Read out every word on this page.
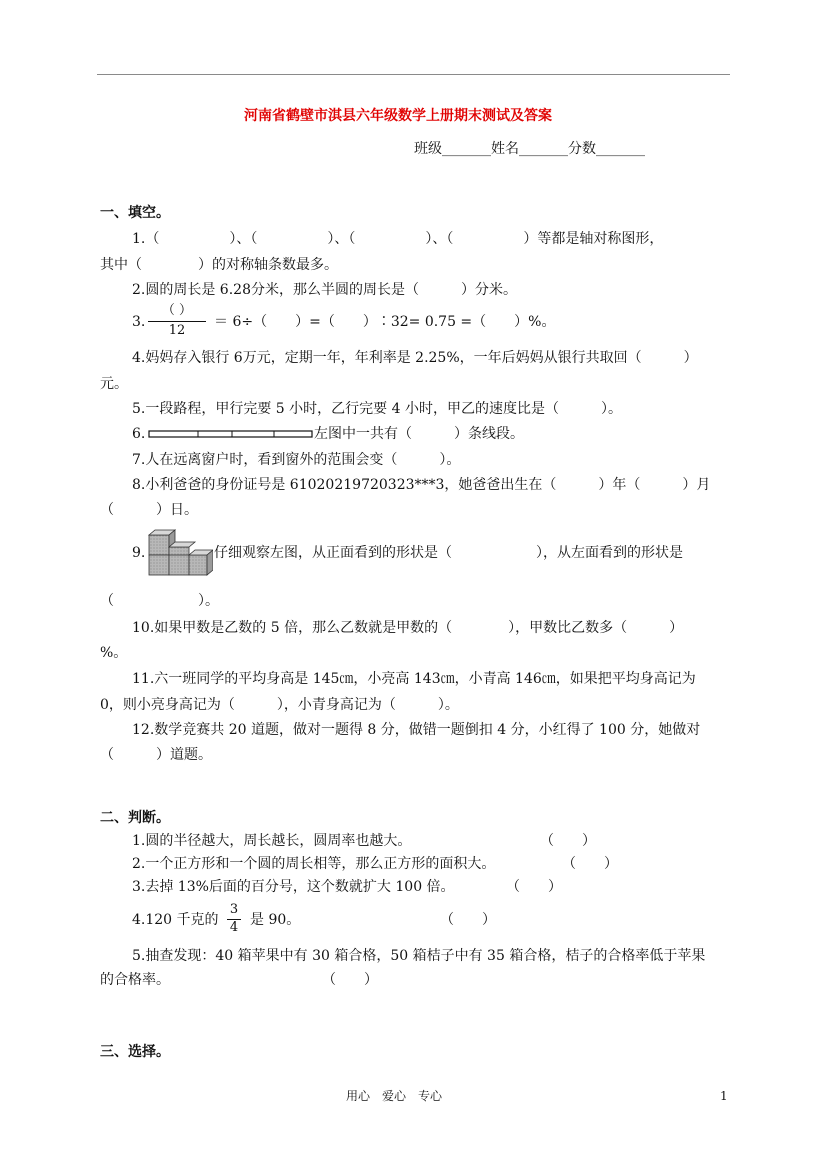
河南省鹤壁市淇县六年级数学上册期末测试及答案
班级_______姓名_______分数_______
一、填空。
1.（　　　　　）、（　　　　　）、（　　　　　）、（　　　　　）等都是轴对称图形，
其中（　　　　）的对称轴条数最多。
2.圆的周长是 6.28分米，那么半圆的周长是（　　　）分米。
3.
（ ）
12
＝ 6÷（　　）=（　　）∶32= 0.75 =（　　）%。
4.妈妈存入银行 6万元，定期一年，年利率是 2.25%，一年后妈妈从银行共取回（　　　）
元。
5.一段路程，甲行完要 5 小时，乙行完要 4 小时，甲乙的速度比是（　　　）。
6.	左图中一共有（　　　）条线段。
7.人在远离窗户时，看到窗外的范围会变（　　　）。
8.小利爸爸的身份证号是 61020219720323***3，她爸爸出生在（　　　）年（　　　）月
（　　　）日。
9.	仔细观察左图，从正面看到的形状是（　　　　　　），从左面看到的形状是
（　　　　　　）。
10.如果甲数是乙数的 5 倍，那么乙数就是甲数的（　　　　），甲数比乙数多（　　　）
%。
11.六一班同学的平均身高是 145㎝，小亮高 143㎝，小青高 146㎝，如果把平均身高记为
0，则小亮身高记为（　　　），小青身高记为（　　　）。
12.数学竞赛共 20 道题，做对一题得 8 分，做错一题倒扣 4 分，小红得了 100 分，她做对
（　　　）道题。
二、判断。
1.圆的半径越大，周长越长，圆周率也越大。	（　　）
2.一个正方形和一个圆的周长相等，那么正方形的面积大。	（　　）
3.去掉 13%后面的百分号，这个数就扩大 100 倍。	（　　）
4.120 千克的
3
4 是 90。	（　　）
5.抽查发现：40 箱苹果中有 30 箱合格，50 箱桔子中有 35 箱合格，桔子的合格率低于苹果
的合格率。	（　　）
三、选择。
用心　爱心　专心	1
